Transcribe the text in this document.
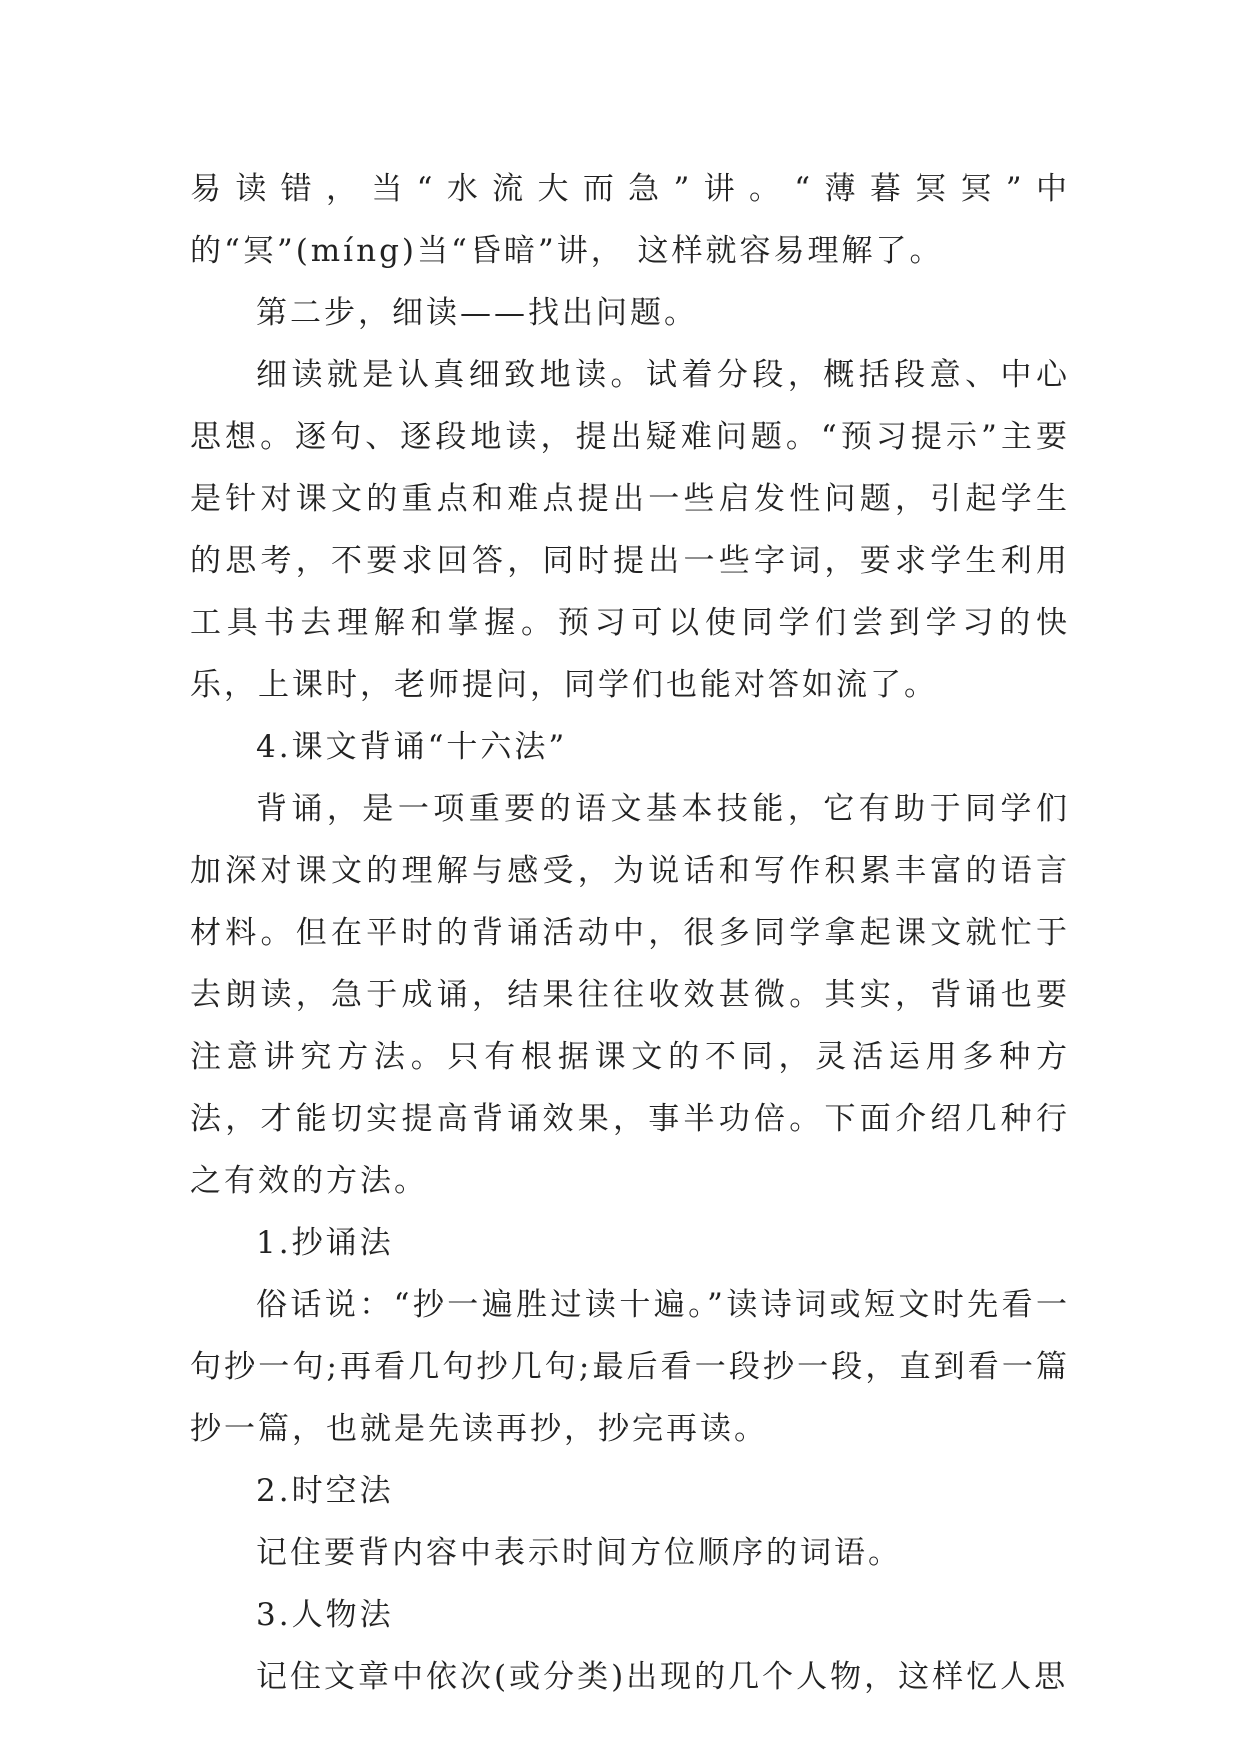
易读错，当“水流大而急”讲。“薄暮冥冥”中的“冥”(míng)当“昏暗”讲， 这样就容易理解了。

第二步，细读——找出问题。

细读就是认真细致地读。试着分段，概括段意、中心思想。逐句、逐段地读，提出疑难问题。“预习提示”主要是针对课文的重点和难点提出一些启发性问题，引起学生的思考，不要求回答，同时提出一些字词，要求学生利用工具书去理解和掌握。预习可以使同学们尝到学习的快乐，上课时，老师提问，同学们也能对答如流了。

4.课文背诵“十六法”

背诵，是一项重要的语文基本技能，它有助于同学们加深对课文的理解与感受，为说话和写作积累丰富的语言材料。但在平时的背诵活动中，很多同学拿起课文就忙于去朗读，急于成诵，结果往往收效甚微。其实，背诵也要注意讲究方法。只有根据课文的不同，灵活运用多种方法，才能切实提高背诵效果，事半功倍。下面介绍几种行之有效的方法。

1.抄诵法

俗话说：“抄一遍胜过读十遍。”读诗词或短文时先看一句抄一句;再看几句抄几句;最后看一段抄一段，直到看一篇抄一篇，也就是先读再抄，抄完再读。

2.时空法

记住要背内容中表示时间方位顺序的词语。

3.人物法

记住文章中依次(或分类)出现的几个人物，这样忆人思
